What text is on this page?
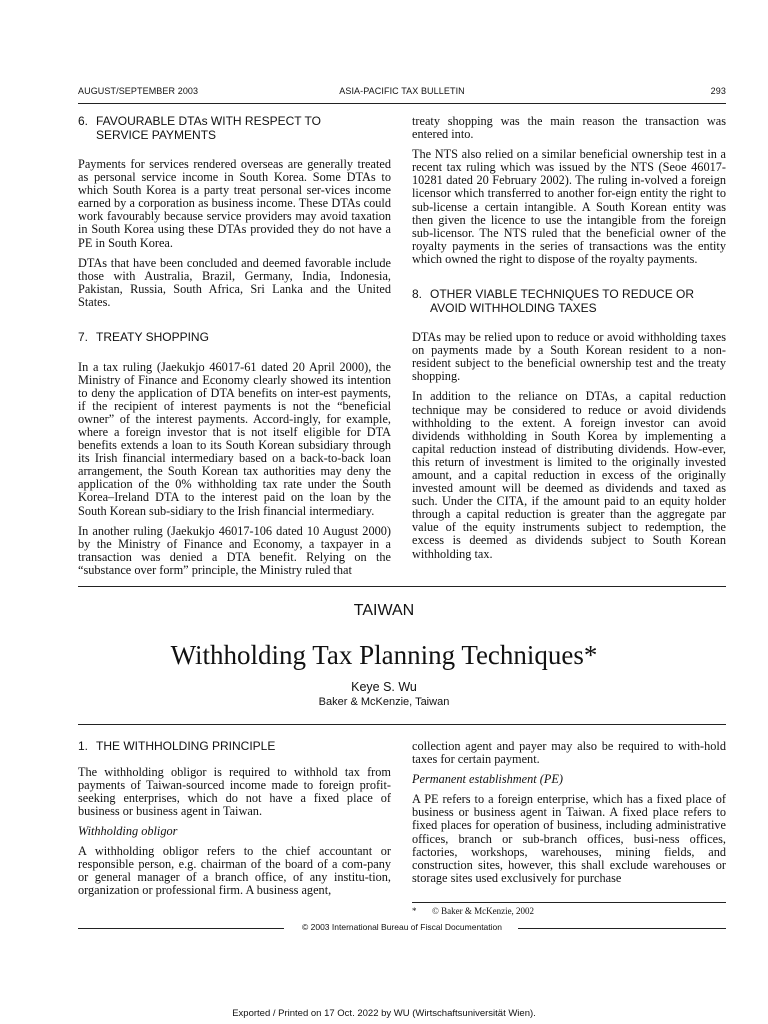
AUGUST/SEPTEMBER 2003	ASIA-PACIFIC TAX BULLETIN	293
6. FAVOURABLE DTAs WITH RESPECT TO SERVICE PAYMENTS

Payments for services rendered overseas are generally treated as personal service income in South Korea. Some DTAs to which South Korea is a party treat personal ser-vices income earned by a corporation as business income. These DTAs could work favourably because service providers may avoid taxation in South Korea using these DTAs provided they do not have a PE in South Korea.

DTAs that have been concluded and deemed favorable include those with Australia, Brazil, Germany, India, Indonesia, Pakistan, Russia, South Africa, Sri Lanka and the United States.

7. TREATY SHOPPING

In a tax ruling (Jaekukjo 46017-61 dated 20 April 2000), the Ministry of Finance and Economy clearly showed its intention to deny the application of DTA benefits on inter-est payments, if the recipient of interest payments is not the “beneficial owner” of the interest payments. Accord-ingly, for example, where a foreign investor that is not itself eligible for DTA benefits extends a loan to its South Korean subsidiary through its Irish financial intermediary based on a back-to-back loan arrangement, the South Korean tax authorities may deny the application of the 0% withholding tax rate under the South Korea–Ireland DTA to the interest paid on the loan by the South Korean sub-sidiary to the Irish financial intermediary.

In another ruling (Jaekukjo 46017-106 dated 10 August 2000) by the Ministry of Finance and Economy, a taxpayer in a transaction was denied a DTA benefit. Relying on the “substance over form” principle, the Ministry ruled that

treaty shopping was the main reason the transaction was entered into.

The NTS also relied on a similar beneficial ownership test in a recent tax ruling which was issued by the NTS (Seoe 46017-10281 dated 20 February 2002). The ruling in-volved a foreign licensor which transferred to another for-eign entity the right to sub-license a certain intangible. A South Korean entity was then given the licence to use the intangible from the foreign sub-licensor. The NTS ruled that the beneficial owner of the royalty payments in the series of transactions was the entity which owned the right to dispose of the royalty payments.

8. OTHER VIABLE TECHNIQUES TO REDUCE OR AVOID WITHHOLDING TAXES

DTAs may be relied upon to reduce or avoid withholding taxes on payments made by a South Korean resident to a non-resident subject to the beneficial ownership test and the treaty shopping.

In addition to the reliance on DTAs, a capital reduction technique may be considered to reduce or avoid dividends withholding to the extent. A foreign investor can avoid dividends withholding in South Korea by implementing a capital reduction instead of distributing dividends. How-ever, this return of investment is limited to the originally invested amount, and a capital reduction in excess of the originally invested amount will be deemed as dividends and taxed as such. Under the CITA, if the amount paid to an equity holder through a capital reduction is greater than the aggregate par value of the equity instruments subject to redemption, the excess is deemed as dividends subject to South Korean withholding tax.

TAIWAN
Withholding Tax Planning Techniques*
Keye S. Wu
Baker & McKenzie, Taiwan
1. THE WITHHOLDING PRINCIPLE

The withholding obligor is required to withhold tax from payments of Taiwan-sourced income made to foreign profit-seeking enterprises, which do not have a fixed place of business or business agent in Taiwan.

Withholding obligor

A withholding obligor refers to the chief accountant or responsible person, e.g. chairman of the board of a com-pany or general manager of a branch office, of any institu-tion, organization or professional firm. A business agent,

collection agent and payer may also be required to with-hold taxes for certain payment.

Permanent establishment (PE)

A PE refers to a foreign enterprise, which has a fixed place of business or business agent in Taiwan. A fixed place refers to fixed places for operation of business, including administrative offices, branch or sub-branch offices, busi-ness offices, factories, workshops, warehouses, mining fields, and construction sites, however, this shall exclude warehouses or storage sites used exclusively for purchase

* © Baker & McKenzie, 2002
© 2003 International Bureau of Fiscal Documentation
Exported / Printed on 17 Oct. 2022 by WU (Wirtschaftsuniversität Wien).
